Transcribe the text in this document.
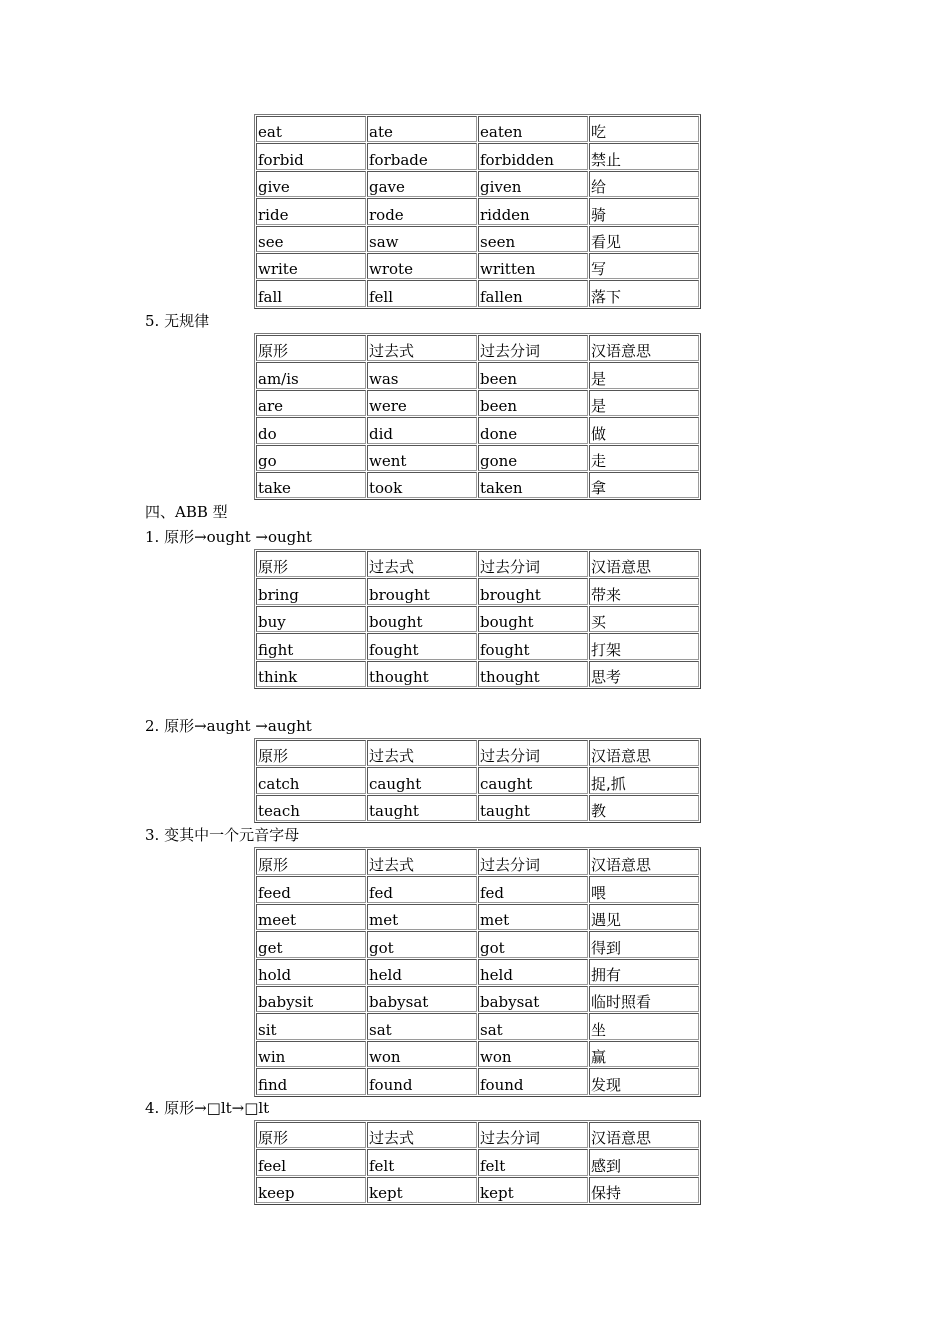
eat	ate	eaten	吃
forbid	forbade	forbidden	禁止
give	gave	given	给
ride	rode	ridden	骑
see	saw	seen	看见
write	wrote	written	写
fall	fell	fallen	落下
5. 无规律
原形	过去式	过去分词	汉语意思
am/is	was	been	是
are	were	been	是
do	did	done	做
go	went	gone	走
take	took	taken	拿
四、ABB 型
1. 原形→ought →ought
原形	过去式	过去分词	汉语意思
bring	brought	brought	带来
buy	bought	bought	买
fight	fought	fought	打架
think	thought	thought	思考
2. 原形→aught →aught
原形	过去式	过去分词	汉语意思
catch	caught	caught	捉,抓
teach	taught	taught	教
3. 变其中一个元音字母
原形	过去式	过去分词	汉语意思
feed	fed	fed	喂
meet	met	met	遇见
get	got	got	得到
hold	held	held	拥有
babysit	babysat	babysat	临时照看
sit	sat	sat	坐
win	won	won	赢
find	found	found	发现
4. 原形→□lt→□lt
原形	过去式	过去分词	汉语意思
feel	felt	felt	感到
keep	kept	kept	保持
